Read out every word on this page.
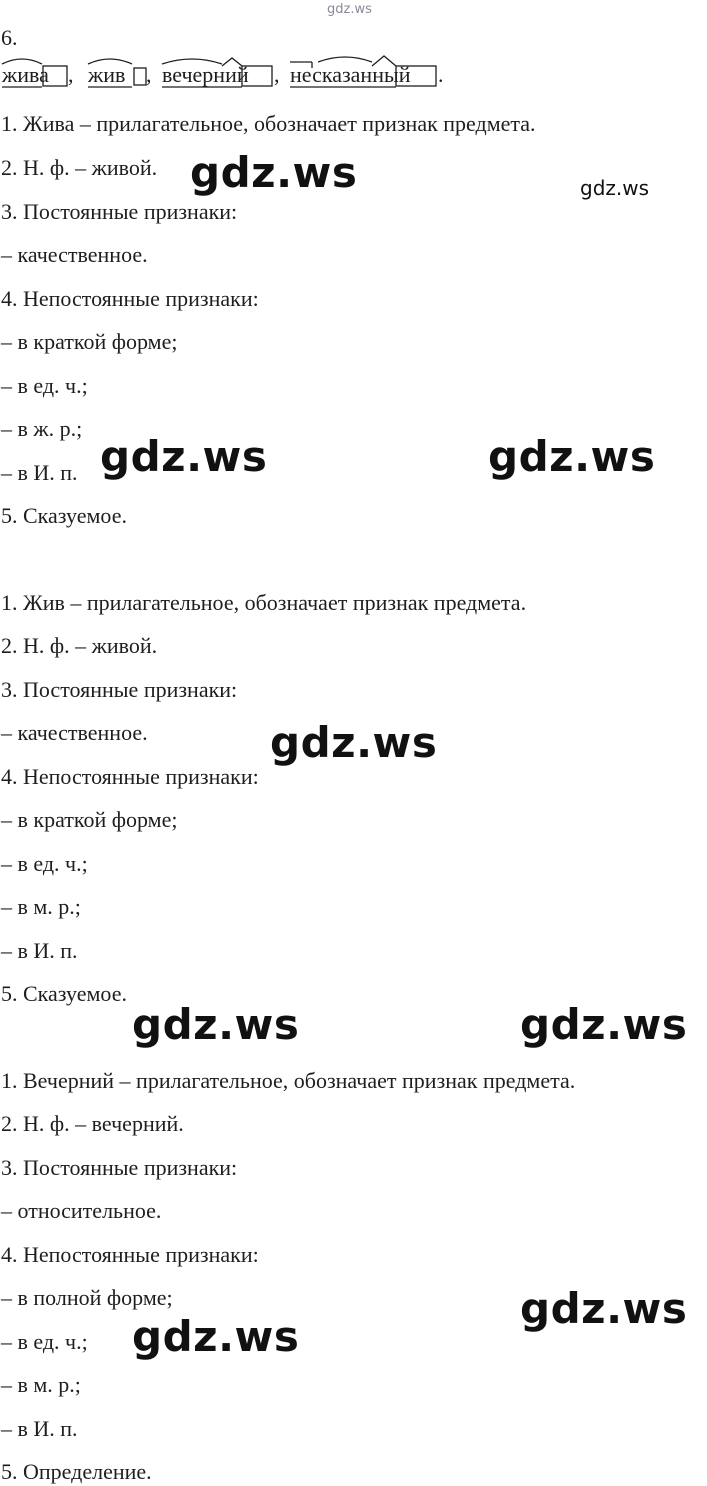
gdz.ws
6.
жива , жив , вечерний , несказанный .
1. Жива – прилагательное, обозначает признак предмета.
2. Н. ф. – живой.
3. Постоянные признаки:
– качественное.
4. Непостоянные признаки:
– в краткой форме;
– в ед. ч.;
– в ж. р.;
– в И. п.
5. Сказуемое.
1. Жив – прилагательное, обозначает признак предмета.
2. Н. ф. – живой.
3. Постоянные признаки:
– качественное.
4. Непостоянные признаки:
– в краткой форме;
– в ед. ч.;
– в м. р.;
– в И. п.
5. Сказуемое.
1. Вечерний – прилагательное, обозначает признак предмета.
2. Н. ф. – вечерний.
3. Постоянные признаки:
– относительное.
4. Непостоянные признаки:
– в полной форме;
– в ед. ч.;
– в м. р.;
– в И. п.
5. Определение.
gdz.ws	gdz.ws
gdz.ws	gdz.ws
gdz.ws
gdz.ws	gdz.ws
gdz.ws
gdz.ws
